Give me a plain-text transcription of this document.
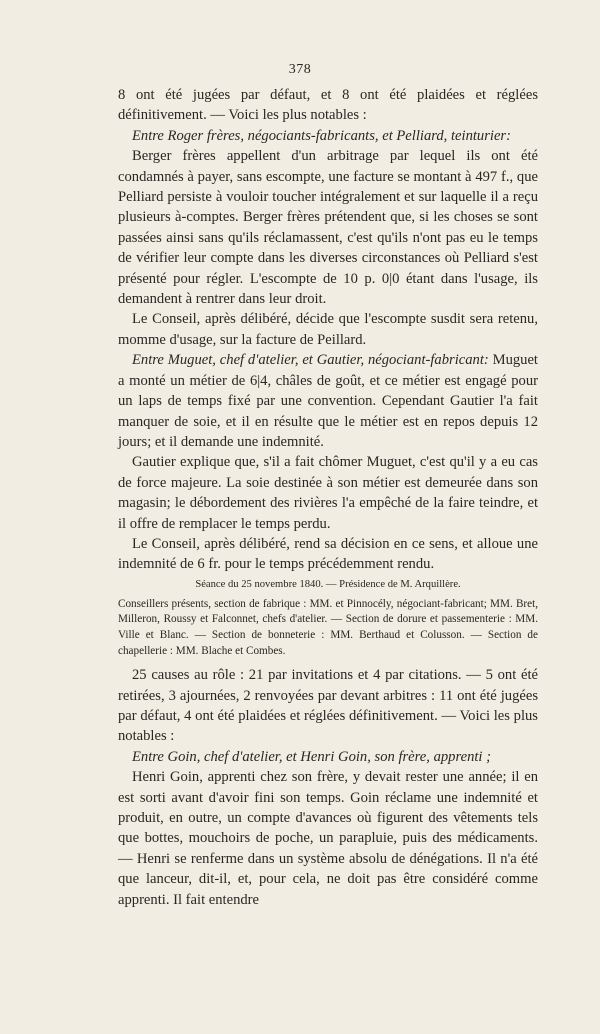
378

8 ont été jugées par défaut, et 8 ont été plaidées et réglées définitivement. — Voici les plus notables :

Entre Roger frères, négociants-fabricants, et Pelliard, teinturier:

Berger frères appellent d'un arbitrage par lequel ils ont été condamnés à payer, sans escompte, une facture se montant à 497 f., que Pelliard persiste à vouloir toucher intégralement et sur laquelle il a reçu plusieurs à-comptes. Berger frères prétendent que, si les choses se sont passées ainsi sans qu'ils réclamassent, c'est qu'ils n'ont pas eu le temps de vérifier leur compte dans les diverses circonstances où Pelliard s'est présenté pour régler. L'escompte de 10 p. 0|0 étant dans l'usage, ils demandent à rentrer dans leur droit.

Le Conseil, après délibéré, décide que l'escompte susdit sera retenu, momme d'usage, sur la facture de Peillard.

Entre Muguet, chef d'atelier, et Gautier, négociant-fabricant: Muguet a monté un métier de 6|4, châles de goût, et ce métier est engagé pour un laps de temps fixé par une convention. Cependant Gautier l'a fait manquer de soie, et il en résulte que le métier est en repos depuis 12 jours; et il demande une indemnité.

Gautier explique que, s'il a fait chômer Muguet, c'est qu'il y a eu cas de force majeure. La soie destinée à son métier est demeurée dans son magasin; le débordement des rivières l'a empêché de la faire teindre, et il offre de remplacer le temps perdu.

Le Conseil, après délibéré, rend sa décision en ce sens, et alloue une indemnité de 6 fr. pour le temps précédemment rendu.

Séance du 25 novembre 1840. — Présidence de M. Arquillère.

Conseillers présents, section de fabrique : MM. et Pinnocély, négociant-fabricant; MM. Bret, Milleron, Roussy et Falconnet, chefs d'atelier. — Section de dorure et passementerie : MM. Ville et Blanc. — Section de bonneterie : MM. Berthaud et Colusson. — Section de chapellerie : MM. Blache et Combes.

25 causes au rôle : 21 par invitations et 4 par citations. — 5 ont été retirées, 3 ajournées, 2 renvoyées par devant arbitres : 11 ont été jugées par défaut, 4 ont été plaidées et réglées définitivement. — Voici les plus notables :

Entre Goin, chef d'atelier, et Henri Goin, son frère, apprenti ;

Henri Goin, apprenti chez son frère, y devait rester une année; il en est sorti avant d'avoir fini son temps. Goin réclame une indemnité et produit, en outre, un compte d'avances où figurent des vêtements tels que bottes, mouchoirs de poche, un parapluie, puis des médicaments. — Henri se renferme dans un système absolu de dénégations. Il n'a été que lanceur, dit-il, et, pour cela, ne doit pas être considéré comme apprenti. Il fait entendre
